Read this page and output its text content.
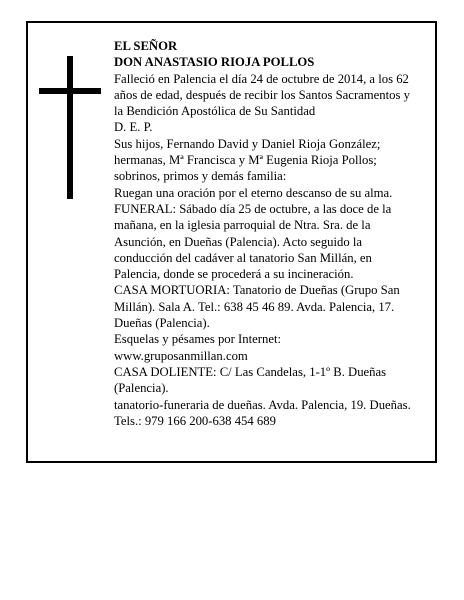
EL SEÑOR

DON ANASTASIO RIOJA POLLOS

Falleció en Palencia el día 24 de octubre de 2014, a los 62 años de edad, después de recibir los Santos Sacramentos y la Bendición Apostólica de Su Santidad

D. E. P.

Sus hijos, Fernando David y Daniel Rioja González; hermanas, Mª Francisca y Mª Eugenia Rioja Pollos; sobrinos, primos y demás familia:

Ruegan una oración por el eterno descanso de su alma.

FUNERAL: Sábado día 25 de octubre, a las doce de la mañana, en la iglesia parroquial de Ntra. Sra. de la Asunción, en Dueñas (Palencia). Acto seguido la conducción del cadáver al tanatorio San Millán, en Palencia, donde se procederá a su incineración.

CASA MORTUORIA: Tanatorio de Dueñas (Grupo San Millán). Sala A. Tel.: 638 45 46 89. Avda. Palencia, 17. Dueñas (Palencia).

Esquelas y pésames por Internet:

www.gruposanmillan.com

CASA DOLIENTE: C/ Las Candelas, 1-1º B. Dueñas (Palencia).

tanatorio-funeraria de dueñas. Avda. Palencia, 19. Dueñas. Tels.: 979 166 200-638 454 689
